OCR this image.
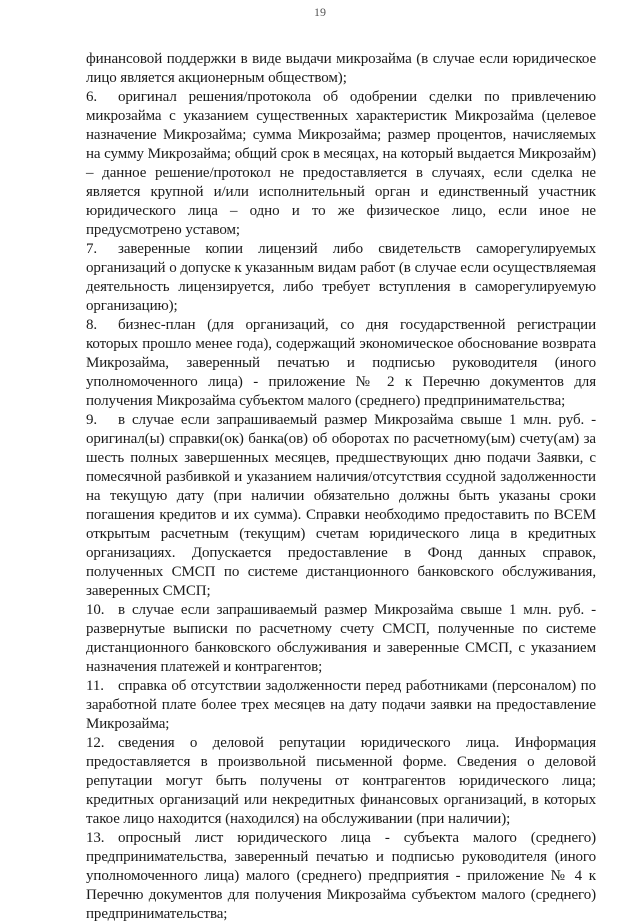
19

финансовой поддержки в виде выдачи микрозайма (в случае если юридическое лицо является акционерным обществом);

6. оригинал решения/протокола об одобрении сделки по привлечению микрозайма с указанием существенных характеристик Микрозайма (целевое назначение Микрозайма; сумма Микрозайма; размер процентов, начисляемых на сумму Микрозайма; общий срок в месяцах, на который выдается Микрозайм) – данное решение/протокол не предоставляется в случаях, если сделка не является крупной и/или исполнительный орган и единственный участник юридического лица – одно и то же физическое лицо, если иное не предусмотрено уставом;

7. заверенные копии лицензий либо свидетельств саморегулируемых организаций о допуске к указанным видам работ (в случае если осуществляемая деятельность лицензируется, либо требует вступления в саморегулируемую организацию);

8. бизнес-план (для организаций, со дня государственной регистрации которых прошло менее года), содержащий экономическое обоснование возврата Микрозайма, заверенный печатью и подписью руководителя (иного уполномоченного лица) - приложение № 2 к Перечню документов для получения Микрозайма субъектом малого (среднего) предпринимательства;

9. в случае если запрашиваемый размер Микрозайма свыше 1 млн. руб. - оригинал(ы) справки(ок) банка(ов) об оборотах по расчетному(ым) счету(ам) за шесть полных завершенных месяцев, предшествующих дню подачи Заявки, с помесячной разбивкой и указанием наличия/отсутствия ссудной задолженности на текущую дату (при наличии обязательно должны быть указаны сроки погашения кредитов и их сумма). Справки необходимо предоставить по ВСЕМ открытым расчетным (текущим) счетам юридического лица в кредитных организациях. Допускается предоставление в Фонд данных справок, полученных СМСП по системе дистанционного банковского обслуживания, заверенных СМСП;

10. в случае если запрашиваемый размер Микрозайма свыше 1 млн. руб. - развернутые выписки по расчетному счету СМСП, полученные по системе дистанционного банковского обслуживания и заверенные СМСП, с указанием назначения платежей и контрагентов;

11. справка об отсутствии задолженности перед работниками (персоналом) по заработной плате более трех месяцев на дату подачи заявки на предоставление Микрозайма;

12. сведения о деловой репутации юридического лица. Информация предоставляется в произвольной письменной форме. Сведения о деловой репутации могут быть получены от контрагентов юридического лица; кредитных организаций или некредитных финансовых организаций, в которых такое лицо находится (находился) на обслуживании (при наличии);

13. опросный лист юридического лица - субъекта малого (среднего) предпринимательства, заверенный печатью и подписью руководителя (иного уполномоченного лица) малого (среднего) предприятия - приложение № 4 к Перечню документов для получения Микрозайма субъектом малого (среднего) предпринимательства;
